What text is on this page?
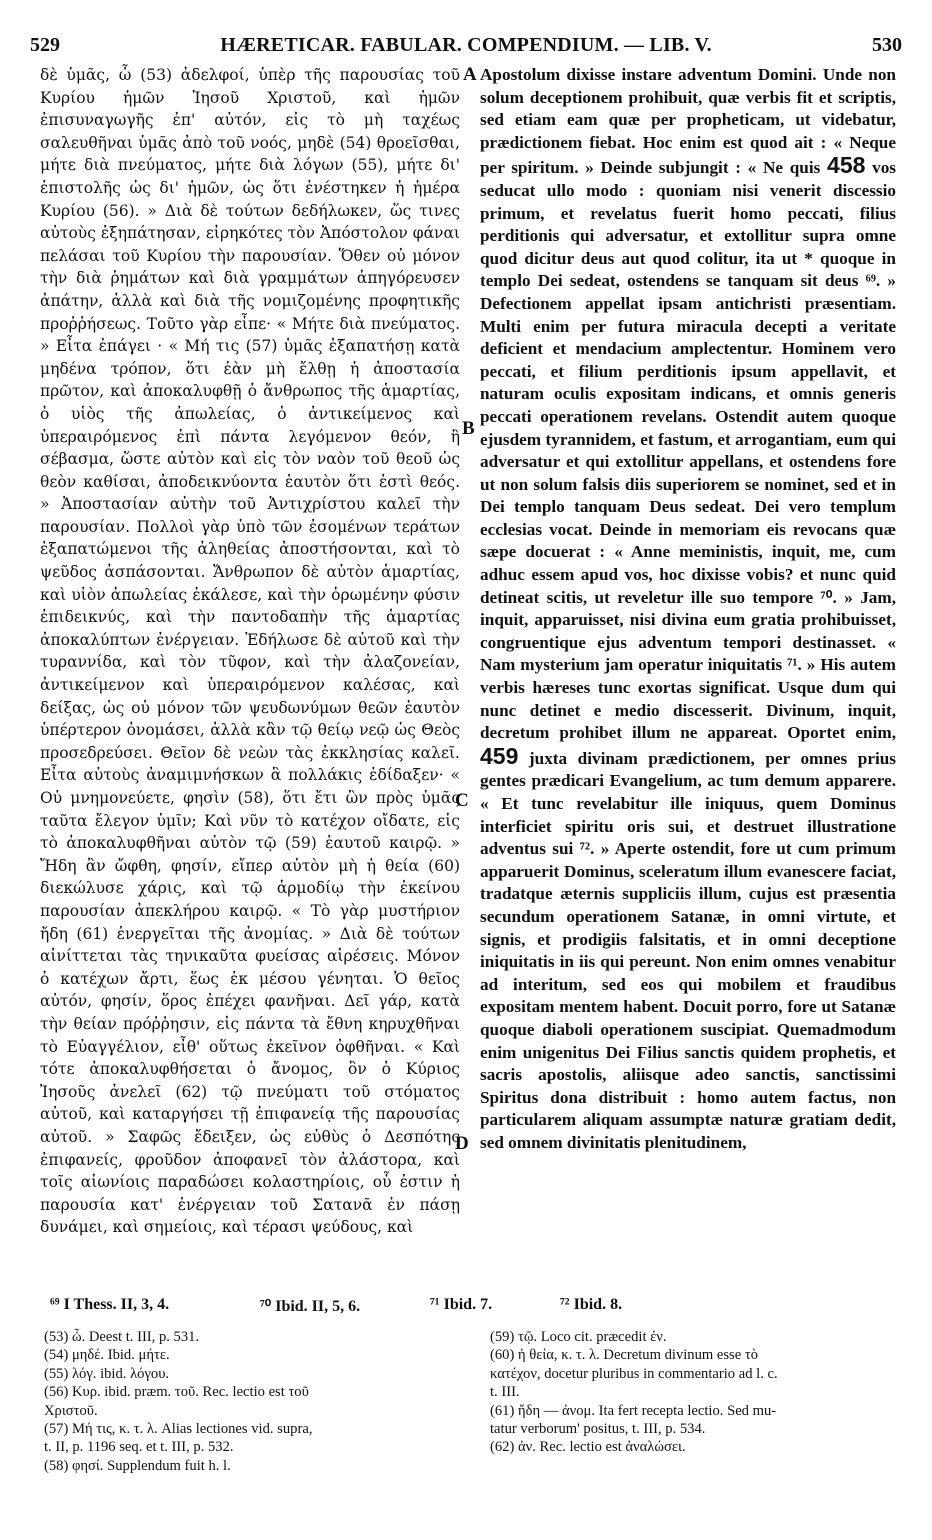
529	HÆRETICAR. FABULAR. COMPENDIUM. — LIB. V.	530

δὲ ὑμᾶς, ὦ (53) ἀδελφοί, ὑπὲρ τῆς παρουσίας τοῦ Κυρίου ἡμῶν Ἰησοῦ Χριστοῦ, καὶ ἡμῶν ἐπισυναγωγῆς ἐπ' αὐτόν, εἰς τὸ μὴ ταχέως σαλευθῆναι ὑμᾶς ἀπὸ τοῦ νοός, μηδὲ (54) θροεῖσθαι, μήτε διὰ πνεύματος, μήτε διὰ λόγων (55), μήτε δι' ἐπιστολῆς ὡς δι' ἡμῶν, ὡς ὅτι ἐνέστηκεν ἡ ἡμέρα Κυρίου (56). » Διὰ δὲ τούτων δεδήλωκεν, ὥς τινες αὐτοὺς ἐξηπάτησαν, εἰρηκότες τὸν Ἀπόστολον φάναι πελάσαι τοῦ Κυρίου τὴν παρουσίαν. Ὅθεν οὐ μόνον τὴν διὰ ῥημάτων καὶ διὰ γραμμάτων ἀπηγόρευσεν ἀπάτην, ἀλλὰ καὶ διὰ τῆς νομιζομένης προφητικῆς προῤῥήσεως. Τοῦτο γὰρ εἶπε· « Μήτε διὰ πνεύματος. » Εἶτα ἐπάγει · « Μή τις (57) ὑμᾶς ἐξαπατήσῃ κατὰ μηδένα τρόπον, ὅτι ἐὰν μὴ ἔλθῃ ἡ ἀποστασία πρῶτον, καὶ ἀποκαλυφθῇ ὁ ἄνθρωπος τῆς ἁμαρτίας, ὁ υἱὸς τῆς ἀπωλείας, ὁ ἀντικείμενος καὶ ὑπεραιρόμενος ἐπὶ πάντα λεγόμενον θεόν, ἢ σέβασμα, ὥστε αὐτὸν καὶ εἰς τὸν ναὸν τοῦ θεοῦ ὡς θεὸν καθίσαι, ἀποδεικνύοντα ἑαυτὸν ὅτι ἐστὶ θεός. » Ἀποστασίαν αὐτὴν τοῦ Ἀντιχρίστου καλεῖ τὴν παρουσίαν. Πολλοὶ γὰρ ὑπὸ τῶν ἐσομένων τεράτων ἐξαπατώμενοι τῆς ἀληθείας ἀποστήσονται, καὶ τὸ ψεῦδος ἀσπάσονται. Ἄνθρωπον δὲ αὐτὸν ἁμαρτίας, καὶ υἱὸν ἀπωλείας ἐκάλεσε, καὶ τὴν ὁρωμένην φύσιν ἐπιδεικνύς, καὶ τὴν παντοδαπὴν τῆς ἁμαρτίας ἀποκαλύπτων ἐνέργειαν. Ἐδήλωσε δὲ αὐτοῦ καὶ τὴν τυραννίδα, καὶ τὸν τῦφον, καὶ τὴν ἀλαζονείαν, ἀντικείμενον καὶ ὑπεραιρόμενον καλέσας, καὶ δείξας, ὡς οὐ μόνον τῶν ψευδωνύμων θεῶν ἑαυτὸν ὑπέρτερον ὀνομάσει, ἀλλὰ κἂν τῷ θείῳ νεῷ ὡς Θεὸς προσεδρεύσει. Θεῖον δὲ νεὼν τὰς ἐκκλησίας καλεῖ. Εἶτα αὐτοὺς ἀναμιμνήσκων ἃ πολλάκις ἐδίδαξεν· « Οὐ μνημονεύετε, φησὶν (58), ὅτι ἔτι ὢν πρὸς ὑμᾶς ταῦτα ἔλεγον ὑμῖν; Καὶ νῦν τὸ κατέχον οἴδατε, εἰς τὸ ἀποκαλυφθῆναι αὐτὸν τῷ (59) ἑαυτοῦ καιρῷ. » Ἤδη ἂν ὤφθη, φησίν, εἴπερ αὐτὸν μὴ ἡ θεία (60) διεκώλυσε χάρις, καὶ τῷ ἁρμοδίῳ τὴν ἐκείνου παρουσίαν ἀπεκλήρου καιρῷ. « Τὸ γὰρ μυστήριον ἤδη (61) ἐνεργεῖται τῆς ἀνομίας. » Διὰ δὲ τούτων αἰνίττεται τὰς τηνικαῦτα φυείσας αἱρέσεις. Μόνον ὁ κατέχων ἄρτι, ἕως ἐκ μέσου γένηται. Ὁ θεῖος αὐτόν, φησίν, ὅρος ἐπέχει φανῆναι. Δεῖ γάρ, κατὰ τὴν θείαν πρόῤῥησιν, εἰς πάντα τὰ ἔθνη κηρυχθῆναι τὸ Εὐαγγέλιον, εἶθ' οὕτως ἐκεῖνον ὀφθῆναι. « Καὶ τότε ἀποκαλυφθήσεται ὁ ἄνομος, ὃν ὁ Κύριος Ἰησοῦς ἀνελεῖ (62) τῷ πνεύματι τοῦ στόματος αὐτοῦ, καὶ καταργήσει τῇ ἐπιφανείᾳ τῆς παρουσίας αὐτοῦ. » Σαφῶς ἔδειξεν, ὡς εὐθὺς ὁ Δεσπότης ἐπιφανείς, φροῦδον ἀποφανεῖ τὸν ἀλάστορα, καὶ τοῖς αἰωνίοις παραδώσει κολαστηρίοις, οὗ ἐστιν ἡ παρουσία κατ' ἐνέργειαν τοῦ Σατανᾶ ἐν πάσῃ δυνάμει, καὶ σημείοις, καὶ τέρασι ψεύδους, καὶ

A
B
C
D

Apostolum dixisse instare adventum Domini. Unde non solum deceptionem prohibuit, quæ verbis fit et scriptis, sed etiam eam quæ per propheticam, ut videbatur, prædictionem fiebat. Hoc enim est quod ait : « Neque per spiritum. » Deinde subjungit : « Ne quis 458 vos seducat ullo modo : quoniam nisi venerit discessio primum, et revelatus fuerit homo peccati, filius perditionis qui adversatur, et extollitur supra omne quod dicitur deus aut quod colitur, ita ut * quoque in templo Dei sedeat, ostendens se tanquam sit deus ⁶⁹. » Defectionem appellat ipsam antichristi præsentiam. Multi enim per futura miracula decepti a veritate deficient et mendacium amplectentur. Hominem vero peccati, et filium perditionis ipsum appellavit, et naturam oculis expositam indicans, et omnis generis peccati operationem revelans. Ostendit autem quoque ejusdem tyrannidem, et fastum, et arrogantiam, eum qui adversatur et qui extollitur appellans, et ostendens fore ut non solum falsis diis superiorem se nominet, sed et in Dei templo tanquam Deus sedeat. Dei vero templum ecclesias vocat. Deinde in memoriam eis revocans quæ sæpe docuerat : « Anne meministis, inquit, me, cum adhuc essem apud vos, hoc dixisse vobis? et nunc quid detineat scitis, ut reveletur ille suo tempore ⁷⁰. » Jam, inquit, apparuisset, nisi divina eum gratia prohibuisset, congruentique ejus adventum tempori destinasset. « Nam mysterium jam operatur iniquitatis ⁷¹. » His autem verbis hæreses tunc exortas significat. Usque dum qui nunc detinet e medio discesserit. Divinum, inquit, decretum prohibet illum ne appareat. Oportet enim, 459 juxta divinam prædictionem, per omnes prius gentes prædicari Evangelium, ac tum demum apparere. « Et tunc revelabitur ille iniquus, quem Dominus interficiet spiritu oris sui, et destruet illustratione adventus sui ⁷². » Aperte ostendit, fore ut cum primum apparuerit Dominus, sceleratum illum evanescere faciat, tradatque æternis suppliciis illum, cujus est præsentia secundum operationem Satanæ, in omni virtute, et signis, et prodigiis falsitatis, et in omni deceptione iniquitatis in iis qui pereunt. Non enim omnes venabitur ad interitum, sed eos qui mobilem et fraudibus expositam mentem habent. Docuit porro, fore ut Satanæ quoque diaboli operationem suscipiat. Quemadmodum enim unigenitus Dei Filius sanctis quidem prophetis, et sacris apostolis, aliisque adeo sanctis, sanctissimi Spiritus dona distribuit : homo autem factus, non particularem aliquam assumptæ naturæ gratiam dedit, sed omnem divinitatis plenitudinem,

⁶⁹ I Thess. II, 3, 4.	⁷⁰ Ibid. II, 5, 6.	⁷¹ Ibid. 7.	⁷² Ibid. 8.
(53) ὦ. Deest t. III, p. 531.
(54) μηδέ. Ibid. μήτε.
(55) λόγ. ibid. λόγου.
(56) Κυρ. ibid. præm. τοῦ. Rec. lectio est τοῦ
Χριστοῦ.
(57) Μή τις, κ. τ. λ. Alias lectiones vid. supra,
t. II, p. 1196 seq. et t. III, p. 532.
(58) φησί. Supplendum fuit h. l.
(59) τῷ. Loco cit. præcedit ἐν.
(60) ἡ θεία, κ. τ. λ. Decretum divinum esse τὸ
κατέχον, docetur pluribus in commentario ad l. c.
t. III.
(61) ἤδη — ἀνομ. Ita fert recepta lectio. Sed mu-
tatur verborum' positus, t. III, p. 534.
(62) ἀν. Rec. lectio est ἀναλώσει.
